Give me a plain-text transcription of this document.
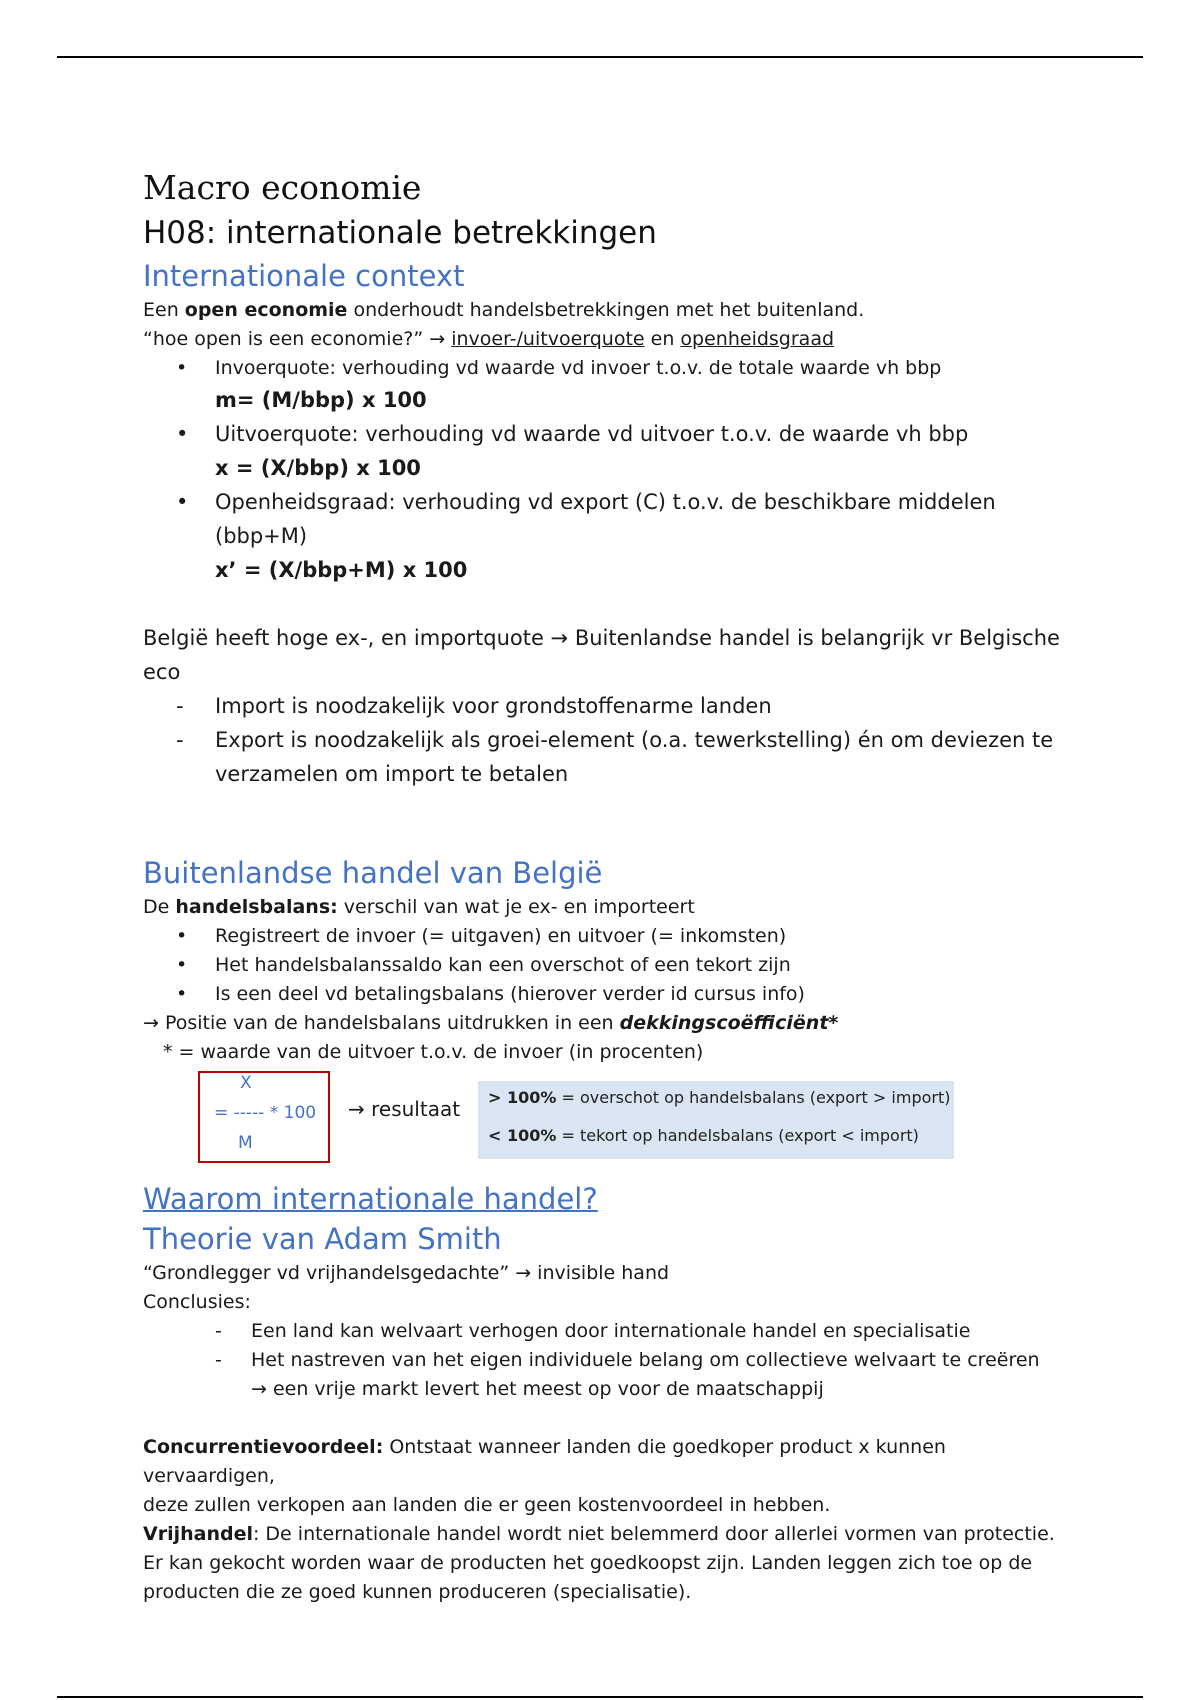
Macro economie
H08: internationale betrekkingen
Internationale context
Een open economie onderhoudt handelsbetrekkingen met het buitenland.
“hoe open is een economie?” → invoer-/uitvoerquote en openheidsgraad
• Invoerquote: verhouding vd waarde vd invoer t.o.v. de totale waarde vh bbp
m= (M/bbp) x 100
• Uitvoerquote: verhouding vd waarde vd uitvoer t.o.v. de waarde vh bbp
x = (X/bbp) x 100
• Openheidsgraad: verhouding vd export (C) t.o.v. de beschikbare middelen (bbp+M)
x’ = (X/bbp+M) x 100
België heeft hoge ex-, en importquote → Buitenlandse handel is belangrijk vr Belgische eco
- Import is noodzakelijk voor grondstoffenarme landen
- Export is noodzakelijk als groei-element (o.a. tewerkstelling) én om deviezen te
verzamelen om import te betalen
Buitenlandse handel van België
De handelsbalans: verschil van wat je ex- en importeert
• Registreert de invoer (= uitgaven) en uitvoer (= inkomsten)
• Het handelsbalanssaldo kan een overschot of een tekort zijn
• Is een deel vd betalingsbalans (hierover verder id cursus info)
→ Positie van de handelsbalans uitdrukken in een dekkingscoëfficiënt*
* = waarde van de uitvoer t.o.v. de invoer (in procenten)
X
= ----- * 100
M
→ resultaat > 100% = overschot op handelsbalans (export > import)
< 100% = tekort op handelsbalans (export < import)
Waarom internationale handel?
Theorie van Adam Smith
“Grondlegger vd vrijhandelsgedachte” → invisible hand
Conclusies:
- Een land kan welvaart verhogen door internationale handel en specialisatie
- Het nastreven van het eigen individuele belang om collectieve welvaart te creëren
→ een vrije markt levert het meest op voor de maatschappij
Concurrentievoordeel: Ontstaat wanneer landen die goedkoper product x kunnen vervaardigen,
deze zullen verkopen aan landen die er geen kostenvoordeel in hebben.
Vrijhandel: De internationale handel wordt niet belemmerd door allerlei vormen van protectie.
Er kan gekocht worden waar de producten het goedkoopst zijn. Landen leggen zich toe op de
producten die ze goed kunnen produceren (specialisatie).
